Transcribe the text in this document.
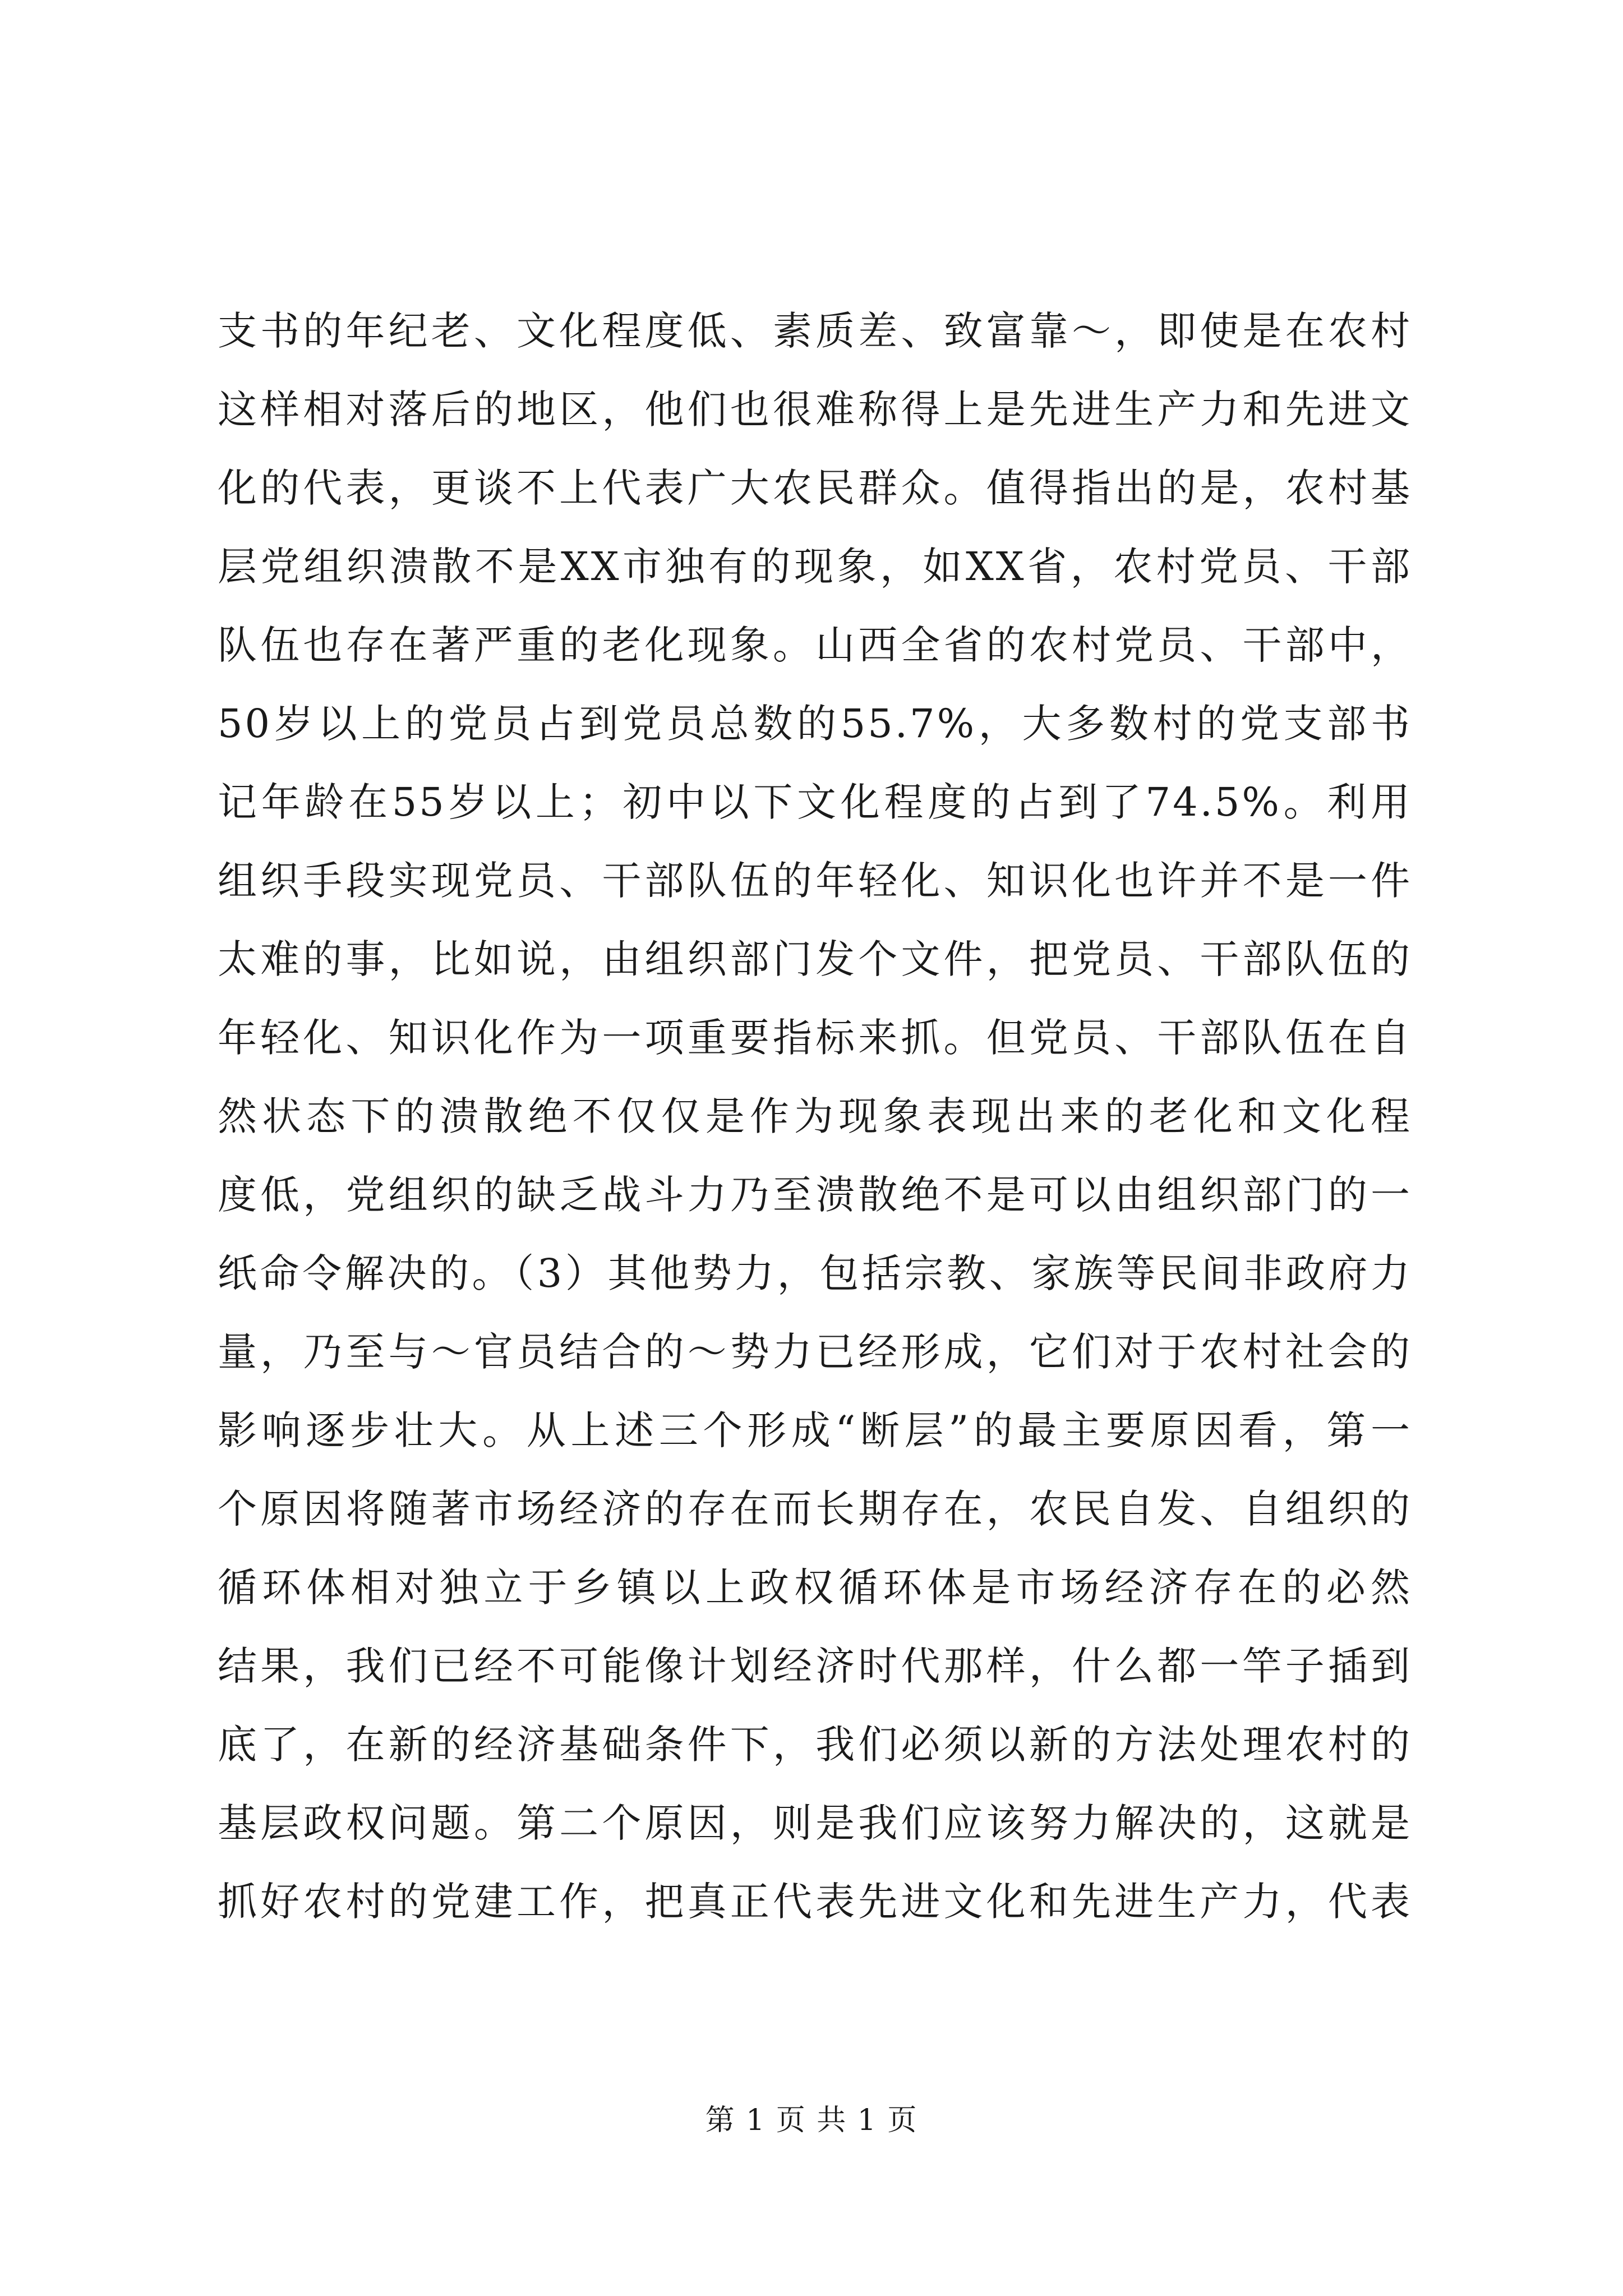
支书的年纪老、文化程度低、素质差、致富靠～，即使是在农村
这样相对落后的地区，他们也很难称得上是先进生产力和先进文
化的代表，更谈不上代表广大农民群众。值得指出的是，农村基
层党组织溃散不是XX市独有的现象，如XX省，农村党员、干部
队伍也存在著严重的老化现象。山西全省的农村党员、干部中，
50岁以上的党员占到党员总数的55.7%，大多数村的党支部书
记年龄在55岁以上；初中以下文化程度的占到了74.5%。利用
组织手段实现党员、干部队伍的年轻化、知识化也许并不是一件
太难的事，比如说，由组织部门发个文件，把党员、干部队伍的
年轻化、知识化作为一项重要指标来抓。但党员、干部队伍在自
然状态下的溃散绝不仅仅是作为现象表现出来的老化和文化程
度低，党组织的缺乏战斗力乃至溃散绝不是可以由组织部门的一
纸命令解决的。（3）其他势力，包括宗教、家族等民间非政府力
量，乃至与～官员结合的～势力已经形成，它们对于农村社会的
影响逐步壮大。从上述三个形成“断层”的最主要原因看，第一
个原因将随著市场经济的存在而长期存在，农民自发、自组织的
循环体相对独立于乡镇以上政权循环体是市场经济存在的必然
结果，我们已经不可能像计划经济时代那样，什么都一竿子插到
底了，在新的经济基础条件下，我们必须以新的方法处理农村的
基层政权问题。第二个原因，则是我们应该努力解决的，这就是
抓好农村的党建工作，把真正代表先进文化和先进生产力，代表
第 1 页 共 1 页
